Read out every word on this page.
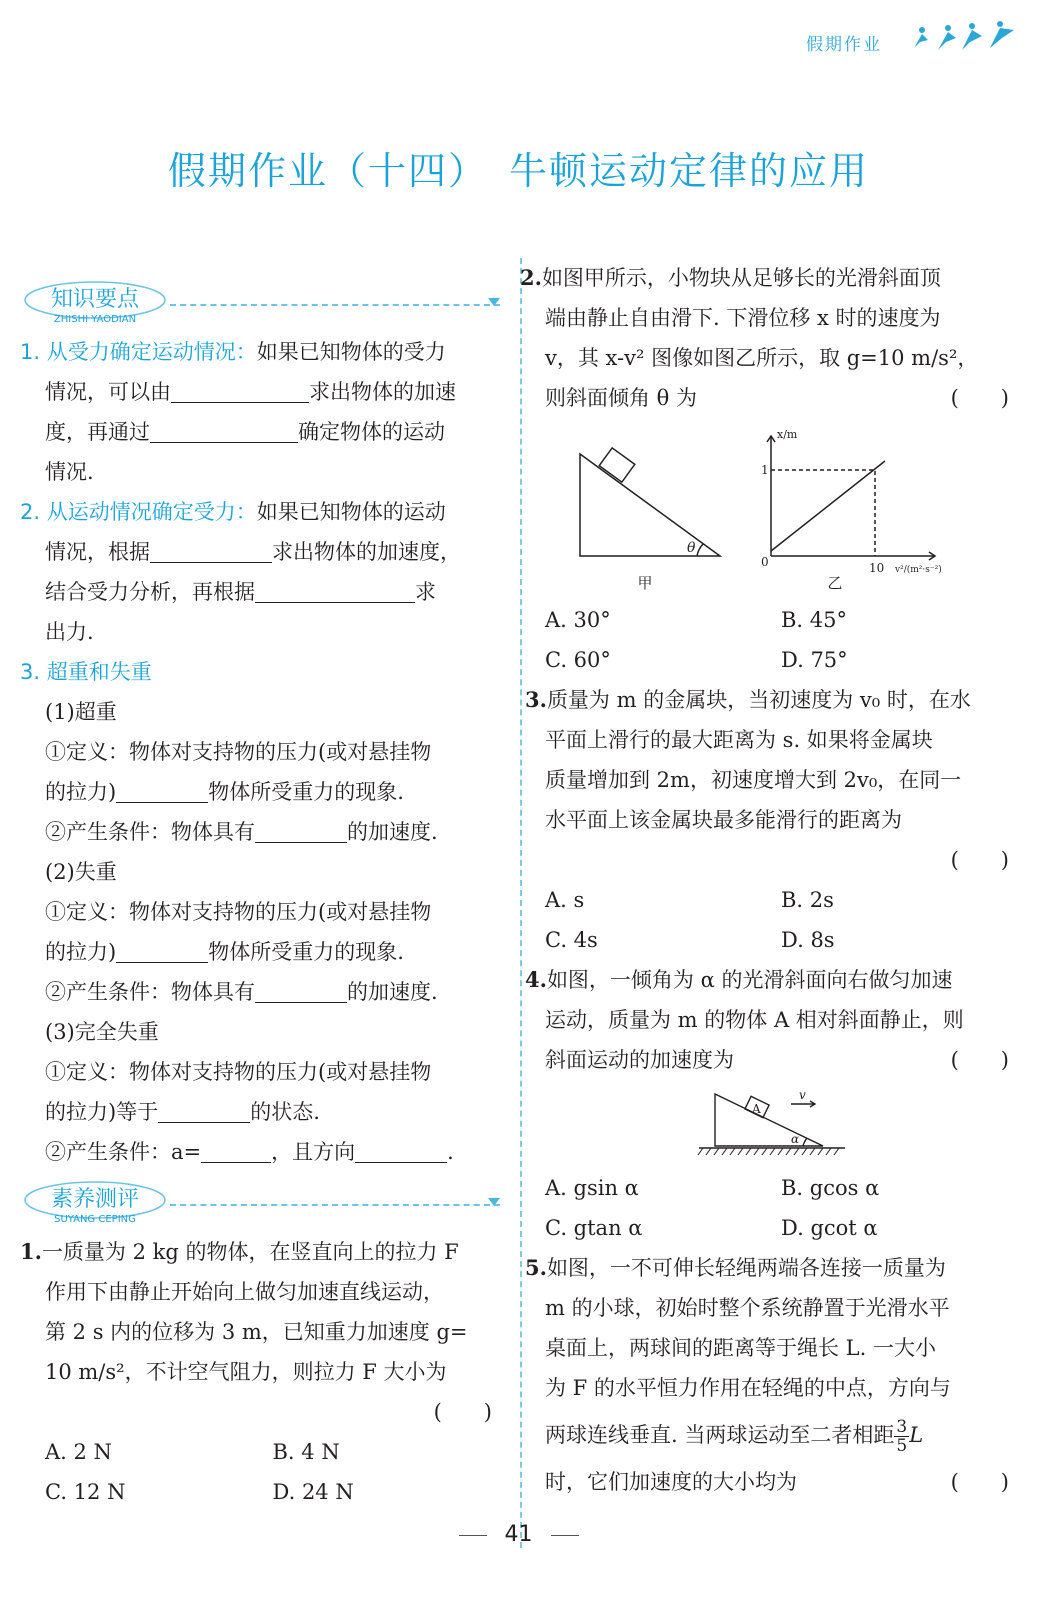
假期作业
假期作业（十四）　牛顿运动定律的应用
知识要点
ZHISHI YAODIAN

1. 从受力确定运动情况：如果已知物体的受力

情况，可以由	求出物体的加速

度，再通过	确定物体的运动

情况.

2. 从运动情况确定受力：如果已知物体的运动

情况，根据	求出物体的加速度，

结合受力分析，再根据	求

出力.

3. 超重和失重

(1)超重

①定义：物体对支持物的压力(或对悬挂物

的拉力)	物体所受重力的现象.

②产生条件：物体具有	的加速度.

(2)失重

①定义：物体对支持物的压力(或对悬挂物

的拉力)	物体所受重力的现象.

②产生条件：物体具有	的加速度.

(3)完全失重

①定义：物体对支持物的压力(或对悬挂物

的拉力)等于	的状态.

②产生条件：a=	，且方向	.

素养测评
SUYANG CEPING

1.一质量为 2 kg 的物体，在竖直向上的拉力 F

作用下由静止开始向上做匀加速直线运动，

第 2 s 内的位移为 3 m，已知重力加速度 g=

10 m/s²，不计空气阻力，则拉力 F 大小为

(　　)

A. 2 N	B. 4 N
C. 12 N	D. 24 N

2.如图甲所示，小物块从足够长的光滑斜面顶

端由静止自由滑下. 下滑位移 x 时的速度为

v，其 x-v² 图像如图乙所示，取 g=10 m/s²，

则斜面倾角 θ 为	(　　)

θ
甲
x/m
1
0	10 v²/(m²·s⁻²)
乙
A. 30°	B. 45°
C. 60°	D. 75°

3.质量为 m 的金属块，当初速度为 v₀ 时，在水

平面上滑行的最大距离为 s. 如果将金属块

质量增加到 2m，初速度增大到 2v₀，在同一

水平面上该金属块最多能滑行的距离为

(　　)

A. s	B. 2s
C. 4s	D. 8s

4.如图，一倾角为 α 的光滑斜面向右做匀加速

运动，质量为 m 的物体 A 相对斜面静止，则

斜面运动的加速度为	(　　)

A
v
α
A. gsin α	B. gcos α
C. gtan α	D. gcot α

5.如图，一不可伸长轻绳两端各连接一质量为

m 的小球，初始时整个系统静置于光滑水平

桌面上，两球间的距离等于绳长 L. 一大小

为 F 的水平恒力作用在轻绳的中点，方向与

两球连线垂直. 当两球运动至二者相距 $\frac{3}{5}$ L

时，它们加速度的大小均为	(　　)

41
